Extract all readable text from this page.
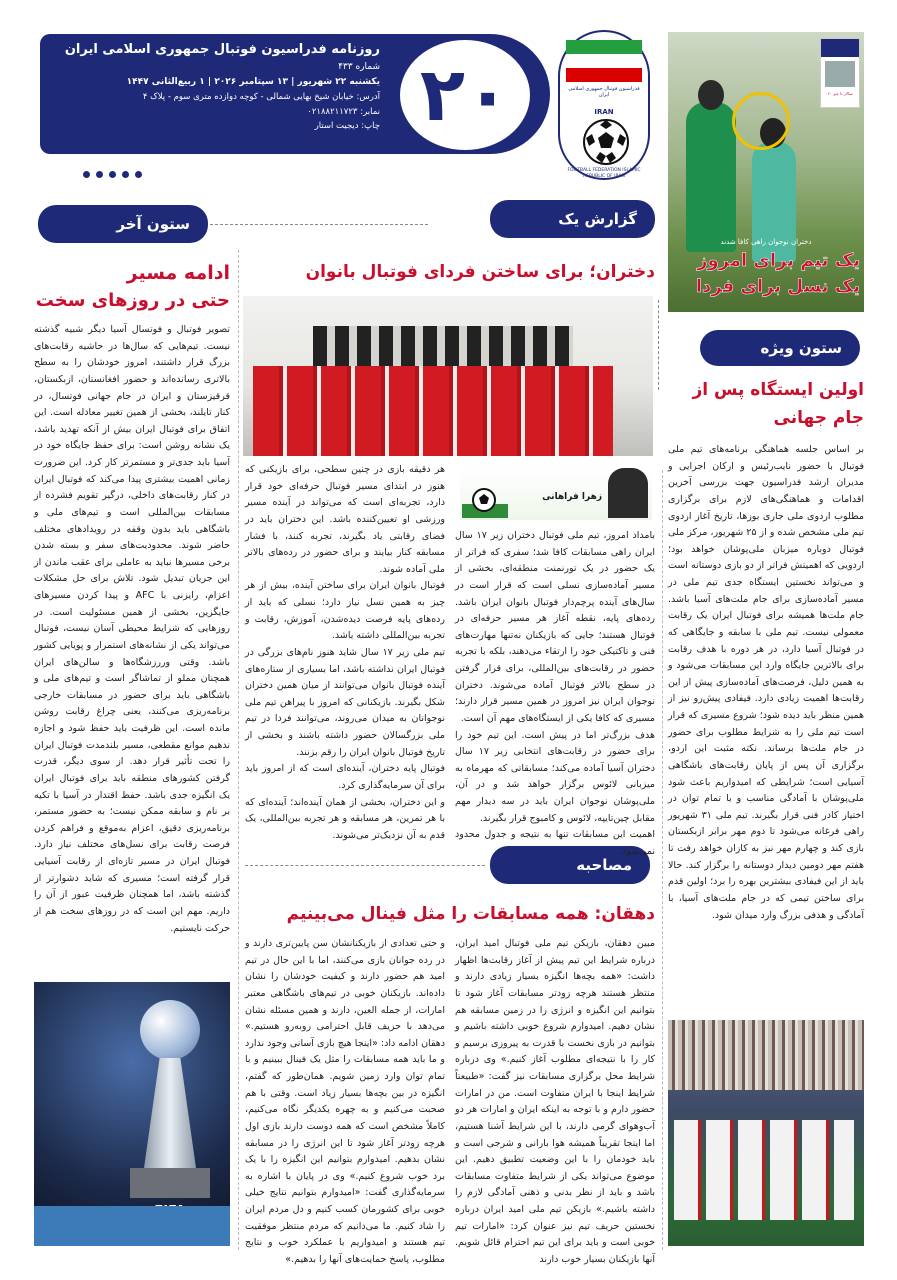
روزنامه فدراسیون فوتبال جمهوری اسلامی ایران
شماره ۴۳۳
یکشنبه ۲۲ شهریور | ۱۳ سپتامبر ۲۰۲۶ | ۱ ربیع‌الثانی ۱۴۴۷
آدرس: خیابان شیخ بهایی شمالی - کوچه دوازده متری سوم - پلاک ۴
نمابر: ۰۲۱۸۸۲۱۱۷۲۳
چاپ: دیجیت استار ۲۰	فدراسیون فوتبال جمهوری اسلامی ایران
IRAN
FOOTBALL FEDERATION ISLAMIC REPUBLIC OF IRAN
سالار نا چیز ۲۰
دختران نوجوان راهی کافا شدند
یک تیم برای امروز
یک نسل برای فردا
گزارش یک
ستون آخر
ستون ویژه
مصاحبه
دختران؛ برای ساختن فردای فوتبال بانوان
زهرا فراهانی
بامداد امروز، تیم ملی فوتبال دختران زیر ۱۷ سال ایران راهی مسابقات کافا شد؛ سفری که فراتر از یک حضور در یک تورنمنت منطقه‌ای، بخشی از مسیر آماده‌سازی نسلی است که قرار است در سال‌های آینده پرچم‌دار فوتبال بانوان ایران باشد. رده‌های پایه، نقطه آغاز هر مسیر حرفه‌ای در فوتبال هستند؛ جایی که بازیکنان نه‌تنها مهارت‌های فنی و تاکتیکی خود را ارتقاء می‌دهند، بلکه با تجربه حضور در رقابت‌های بین‌المللی، برای قرار گرفتن در سطح بالاتر فوتبال آماده می‌شوند. دختران نوجوان ایران نیز امروز در همین مسیر قرار دارند؛ مسیری که کافا یکی از ایستگاه‌های مهم آن است.
هدف بزرگ‌تر اما در پیش است. این تیم خود را برای حضور در رقابت‌های انتخابی زیر ۱۷ سال دختران آسیا آماده می‌کند؛ مسابقاتی که مهرماه به میزبانی لائوس برگزار خواهد شد و در آن، ملی‌پوشان نوجوان ایران باید در سه دیدار مهم مقابل چین‌تایپه، لائوس و کامبوج قرار بگیرند.
اهمیت این مسابقات تنها به نتیجه و جدول محدود نمی‌شود.
هر دقیقه بازی در چنین سطحی، برای بازیکنی که هنوز در ابتدای مسیر فوتبال حرفه‌ای خود قرار دارد، تجربه‌ای است که می‌تواند در آینده مسیر ورزشی او تعیین‌کننده باشد. این دختران باید در فضای رقابتی یاد بگیرند، تجربه کنند، با فشار مسابقه کنار بیایند و برای حضور در رده‌های بالاتر ملی آماده شوند.
فوتبال بانوان ایران برای ساختن آینده، بیش از هر چیز به همین نسل نیاز دارد؛ نسلی که باید از رده‌های پایه فرصت دیده‌شدن، آموزش، رقابت و تجربه بین‌المللی داشته باشد.
تیم ملی زیر ۱۷ سال شاید هنوز نام‌های بزرگی در فوتبال ایران نداشته باشد، اما بسیاری از ستاره‌های آینده فوتبال بانوان می‌توانند از میان همین دختران شکل بگیرند. بازیکنانی که امروز با پیراهن تیم ملی نوجوانان به میدان می‌روند، می‌توانند فردا در تیم ملی بزرگسالان حضور داشته باشند و بخشی از تاریخ فوتبال بانوان ایران را رقم بزنند.
فوتبال پایه دختران، آینده‌ای است که از امروز باید برای آن سرمایه‌گذاری کرد.
و این دختران، بخشی از همان آینده‌اند؛ آینده‌ای که با هر تمرین، هر مسابقه و هر تجربه بین‌المللی، یک قدم به آن نزدیک‌تر می‌شوند.
ادامه مسیر
حتی در روزهای سخت
تصویر فوتبال و فوتسال آسیا دیگر شبیه گذشته نیست. تیم‌هایی که سال‌ها در حاشیه رقابت‌های بزرگ قرار داشتند، امروز خودشان را به سطح بالاتری رسانده‌اند و حضور افغانستان، ازبکستان، قرقیزستان و ایران در جام جهانی فوتسال، در کنار تایلند، بخشی از همین تغییر معادله است. این اتفاق برای فوتبال ایران بیش از آنکه تهدید باشد، یک نشانه روشن است: برای حفظ جایگاه خود در آسیا باید جدی‌تر و مستمرتر کار کرد. این ضرورت زمانی اهمیت بیشتری پیدا می‌کند که فوتبال ایران در کنار رقابت‌های داخلی، درگیر تقویم فشرده از مسابقات بین‌المللی است و تیم‌های ملی و باشگاهی باید بدون وقفه در رویدادهای مختلف حاضر شوند. محدودیت‌های سفر و بسته شدن برخی مسیرها نباید به عاملی برای عقب ماندن از این جریان تبدیل شود. تلاش برای حل مشکلات اعزام، رایزنی با AFC و پیدا کردن مسیرهای جایگزین، بخشی از همین مسئولیت است. در روزهایی که شرایط محیطی آسان نیست، فوتبال می‌تواند یکی از نشانه‌های استمرار و پویایی کشور باشد. وقتی وررزشگاه‌ها و سالن‌های ایران همچنان مملو از تماشاگر است و تیم‌های ملی و باشگاهی باید برای حضور در مسابقات خارجی برنامه‌ریزی می‌کنند، یعنی چراغ رقابت روشن مانده است. این ظرفیت باید حفظ شود و اجازه ندهیم موانع مقطعی، مسیر بلندمدت فوتبال ایران را تحت تأثیر قرار دهد. از سوی دیگر، قدرت گرفتن کشورهای منطقه باید برای فوتبال ایران یک انگیزه جدی باشد. حفظ اقتدار در آسیا با تکیه بر نام و سابقه ممکن نیست؛ به حضور مستمر، برنامه‌ریزی دقیق، اعزام به‌موقع و فراهم کردن فرصت رقابت برای نسل‌های مختلف نیاز دارد. فوتبال ایران در مسیر تازه‌ای از رقابت آسیایی قرار گرفته است؛ مسیری که شاید دشوارتر از گذشته باشد، اما همچنان ظرفیت عبور از آن را داریم. مهم این است که در روزهای سخت هم از حرکت نایستیم.
اولین ایستگاه پس از
جام جهانی
بر اساس جلسه هماهنگی برنامه‌های تیم ملی فوتبال با حضور نایب‌رئیس و ارکان اجرایی و مدیران ارشد فدراسیون جهت بررسی آخرین اقدامات و هماهنگی‌های لازم برای برگزاری مطلوب اردوی ملی جاری بوزها، تاریخ آغاز اردوی تیم ملی مشخص شده و از ۲۵ شهریور، مرکز ملی فوتبال دوباره میزبان ملی‌پوشان خواهد بود؛ اردویی که اهمیتش فراتر از دو بازی دوستانه است و می‌تواند نخستین ایستگاه جدی تیم ملی در مسیر آماده‌سازی برای جام ملت‌های آسیا باشد. جام ملت‌ها همیشه برای فوتبال ایران یک رقابت معمولی نیست. تیم ملی با سابقه و جایگاهی که در فوتبال آسیا دارد، در هر دوره با هدف رقابت برای بالاترین جایگاه وارد این مسابقات می‌شود و به همین دلیل، فرصت‌های آماده‌سازی پیش از این رقابت‌ها اهمیت زیادی دارد. فیفادی پیش‌رو نیز از همین منظر باید دیده شود؛ شروع مسیری که قرار است تیم ملی را به شرایط مطلوب برای حضور در جام ملت‌ها برساند. نکته مثبت این اردو، برگزاری آن پس از پایان رقابت‌های باشگاهی آسیایی است؛ شرایطی که امیدواریم باعث شود ملی‌پوشان با آمادگی مناسب و با تمام توان در اختیار کادر فنی قرار بگیرند. تیم ملی ۳۱ شهریور راهی فرغانه می‌شود تا دوم مهر برابر ازبکستان بازی کند و چهارم مهر نیز به کازان خواهد رفت تا هفتم مهر دومین دیدار دوستانه را برگزار کند. حالا باید از این فیفادی بیشترین بهره را برد؛ اولین قدم برای ساختن تیمی که در جام ملت‌های آسیا، با آمادگی و هدفی بزرگ وارد میدان شود.
دهقان: همه مسابقات را مثل فینال می‌بینیم
مبین دهقان، بازیکن تیم ملی فوتبال امید ایران، درباره شرایط این تیم پیش از آغاز رقابت‌ها اظهار داشت: «همه بچه‌ها انگیزه بسیار زیادی دارند و منتظر هستند هرچه زودتر مسابقات آغاز شود تا بتوانیم این انگیزه و انرژی را در زمین مسابقه هم نشان دهیم. امیدوارم شروع خوبی داشته باشیم و بتوانیم در بازی نخست با قدرت به پیروزی برسیم و کار را با نتیجه‌ای مطلوب آغاز کنیم.» وی درباره شرایط محل برگزاری مسابقات نیز گفت: «طبیعتاً شرایط اینجا با ایران متفاوت است. من در امارات حضور دارم و با توجه به اینکه ایران و امارات هر دو آب‌وهوای گرمی دارند، با این شرایط آشنا هستیم، اما اینجا تقریباً همیشه هوا بارانی و شرجی است و باید خودمان را با این وضعیت تطبیق دهیم. این موضوع می‌تواند یکی از شرایط متفاوت مسابقات باشد و باید از نظر بدنی و ذهنی آمادگی لازم را داشته باشیم.» بازیکن تیم ملی امید ایران درباره نخستین حریف تیم نیز عنوان کرد: «امارات تیم خوبی است و باید برای این تیم احترام قائل شویم. آنها بازیکنان بسیار خوب دارند
و حتی تعدادی از بازیکنانشان سن پایین‌تری دارند و در رده جوانان بازی می‌کنند، اما با این حال در تیم امید هم حضور دارند و کیفیت خودشان را نشان داده‌اند. بازیکنان خوبی در تیم‌های باشگاهی معتبر امارات، از جمله العین، دارند و همین مسئله نشان می‌دهد با حریف قابل احترامی روبه‌رو هستیم.» دهقان ادامه داد: «اینجا هیچ بازی آسانی وجود ندارد و ما باید همه مسابقات را مثل یک فینال ببینیم و با تمام توان وارد زمین شویم. همان‌طور که گفتم، انگیزه در بین بچه‌ها بسیار زیاد است. وقتی با هم صحبت می‌کنیم و به چهره یکدیگر نگاه می‌کنیم، کاملاً مشخص است که همه دوست دارند بازی اول هرچه زودتر آغاز شود تا این انرژی را در مسابقه نشان بدهیم. امیدوارم بتوانیم این انگیزه را با یک برد خوب شروع کنیم.» وی در پایان با اشاره به سرمایه‌گذاری گفت: «امیدوارم بتوانیم نتایج خیلی خوبی برای کشورمان کسب کنیم و دل مردم ایران را شاد کنیم. ما می‌دانیم که مردم منتظر موفقیت تیم هستند و امیدواریم با عملکرد خوب و نتایج مطلوب، پاسخ حمایت‌های آنها را بدهیم.»
